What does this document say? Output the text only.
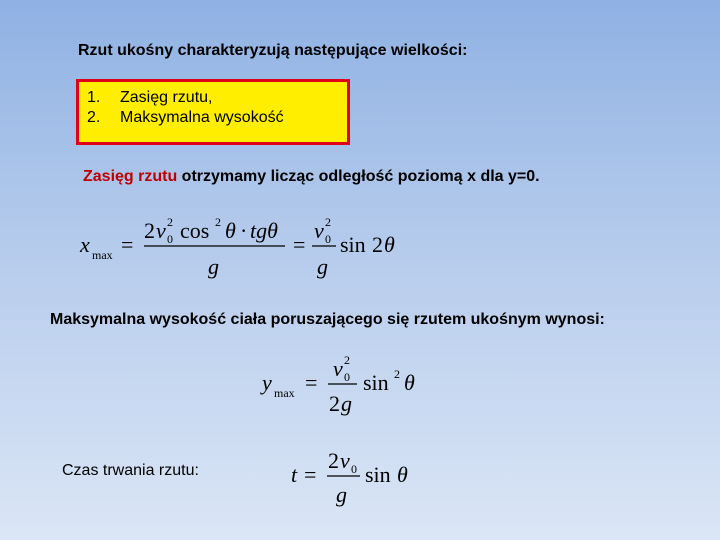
Rzut ukośny charakteryzują następujące wielkości:
1.	Zasięg rzutu,
2.	Maksymalna wysokość
Zasięg rzutu otrzymamy licząc odległość poziomą x dla y=0.
x max =
2 v 2
0 cos 2 θ · tgθ
g
=
v 2
0
g
sin 2 θ
Maksymalna wysokość ciała poruszającego się rzutem ukośnym wynosi:
y max =
v 2
0
2 g
sin 2 θ
Czas trwania rzutu:	t =
2 v 0
g
sin θ
